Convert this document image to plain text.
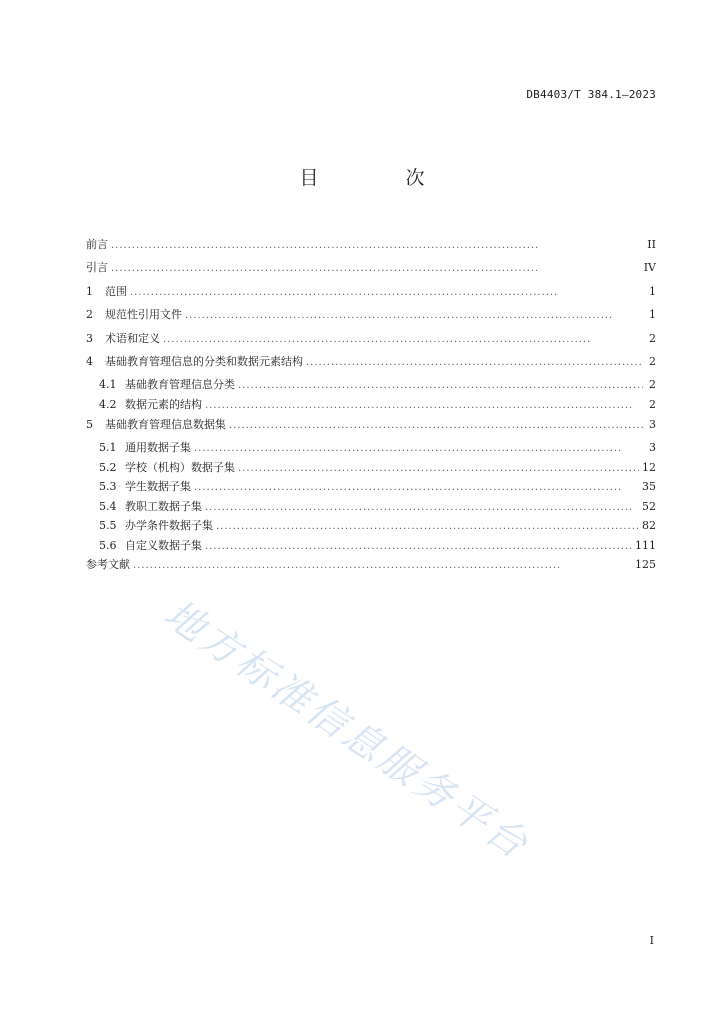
DB4403/T 384.1—2023
目　次
前言 . . .	II
引言 . . .	IV
1	范围 . . .	1
2	规范性引用文件 . . .	1
3	术语和定义 . . .	2
4	基础教育管理信息的分类和数据元素结构 . . .	2
4.1 基础教育管理信息分类 . . .	2
4.2 数据元素的结构 . . .	2
5	基础教育管理信息数据集 . . .	3
5.1 通用数据子集 . . .	3
5.2 学校（机构）数据子集 . . .	12
5.3 学生数据子集 . . .	35
5.4 教职工数据子集 . . .	52
5.5 办学条件数据子集 . . .	82
5.6 自定义数据子集 . . .	111
参考文献 . . .	125
地方标准信息服务平台
I
